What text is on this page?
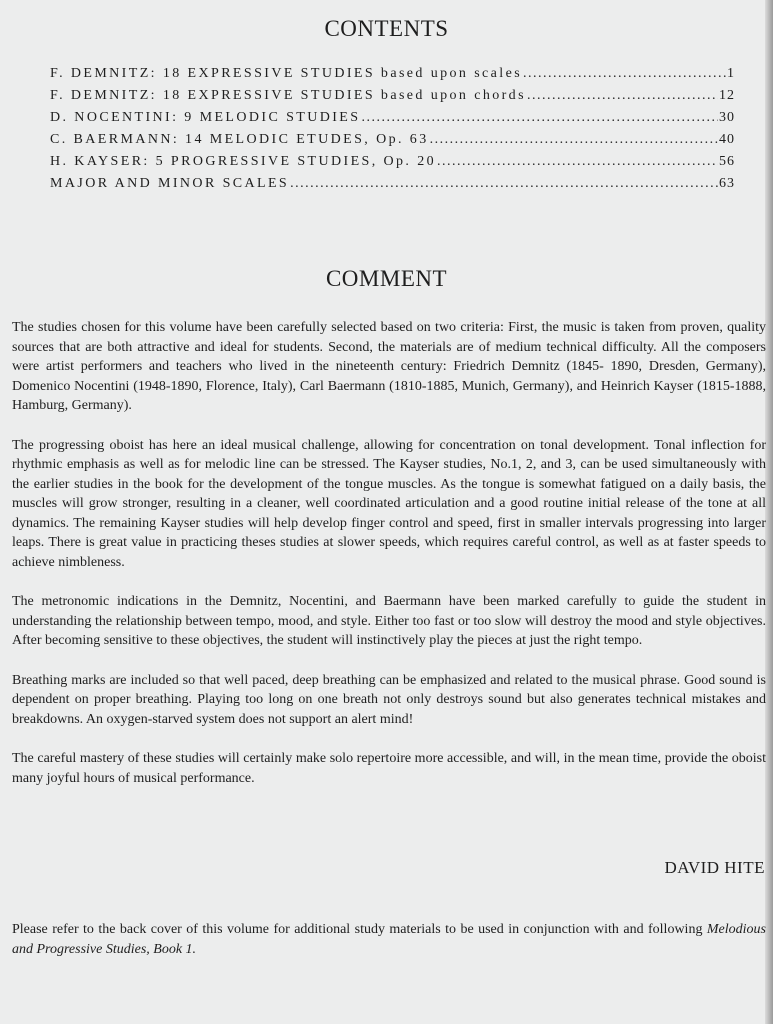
CONTENTS
F. DEMNITZ: 18 EXPRESSIVE STUDIES based upon scales .....	1
F. DEMNITZ: 18 EXPRESSIVE STUDIES based upon chords .....	12
D. NOCENTINI: 9 MELODIC STUDIES .....	30
C. BAERMANN: 14 MELODIC ETUDES, Op. 63 .....	40
H. KAYSER: 5 PROGRESSIVE STUDIES, Op. 20 .....	56
MAJOR AND MINOR SCALES .....	63
COMMENT

The studies chosen for this volume have been carefully selected based on two criteria: First, the music is taken from proven, quality sources that are both attractive and ideal for students. Second, the materials are of medium technical difficulty. All the composers were artist performers and teachers who lived in the nineteenth century: Friedrich Demnitz (1845- 1890, Dresden, Germany), Domenico Nocentini (1948-1890, Florence, Italy), Carl Baermann (1810-1885, Munich, Germany), and Heinrich Kayser (1815-1888, Hamburg, Germany).

The progressing oboist has here an ideal musical challenge, allowing for concentration on tonal development. Tonal inflection for rhythmic emphasis as well as for melodic line can be stressed. The Kayser studies, No.1, 2, and 3, can be used simultaneously with the earlier studies in the book for the development of the tongue muscles. As the tongue is somewhat fatigued on a daily basis, the muscles will grow stronger, resulting in a cleaner, well coordinated articulation and a good routine initial release of the tone at all dynamics. The remaining Kayser studies will help develop finger control and speed, first in smaller intervals progressing into larger leaps. There is great value in practicing theses studies at slower speeds, which requires careful control, as well as at faster speeds to achieve nimbleness.

The metronomic indications in the Demnitz, Nocentini, and Baermann have been marked carefully to guide the student in understanding the relationship between tempo, mood, and style. Either too fast or too slow will destroy the mood and style objectives. After becoming sensitive to these objectives, the student will instinctively play the pieces at just the right tempo.

Breathing marks are included so that well paced, deep breathing can be emphasized and related to the musical phrase. Good sound is dependent on proper breathing. Playing too long on one breath not only destroys sound but also generates technical mistakes and breakdowns. An oxygen-starved system does not support an alert mind!

The careful mastery of these studies will certainly make solo repertoire more accessible, and will, in the mean time, provide the oboist many joyful hours of musical performance.

DAVID HITE

Please refer to the back cover of this volume for additional study materials to be used in conjunction with and following Melodious and Progressive Studies, Book 1.
